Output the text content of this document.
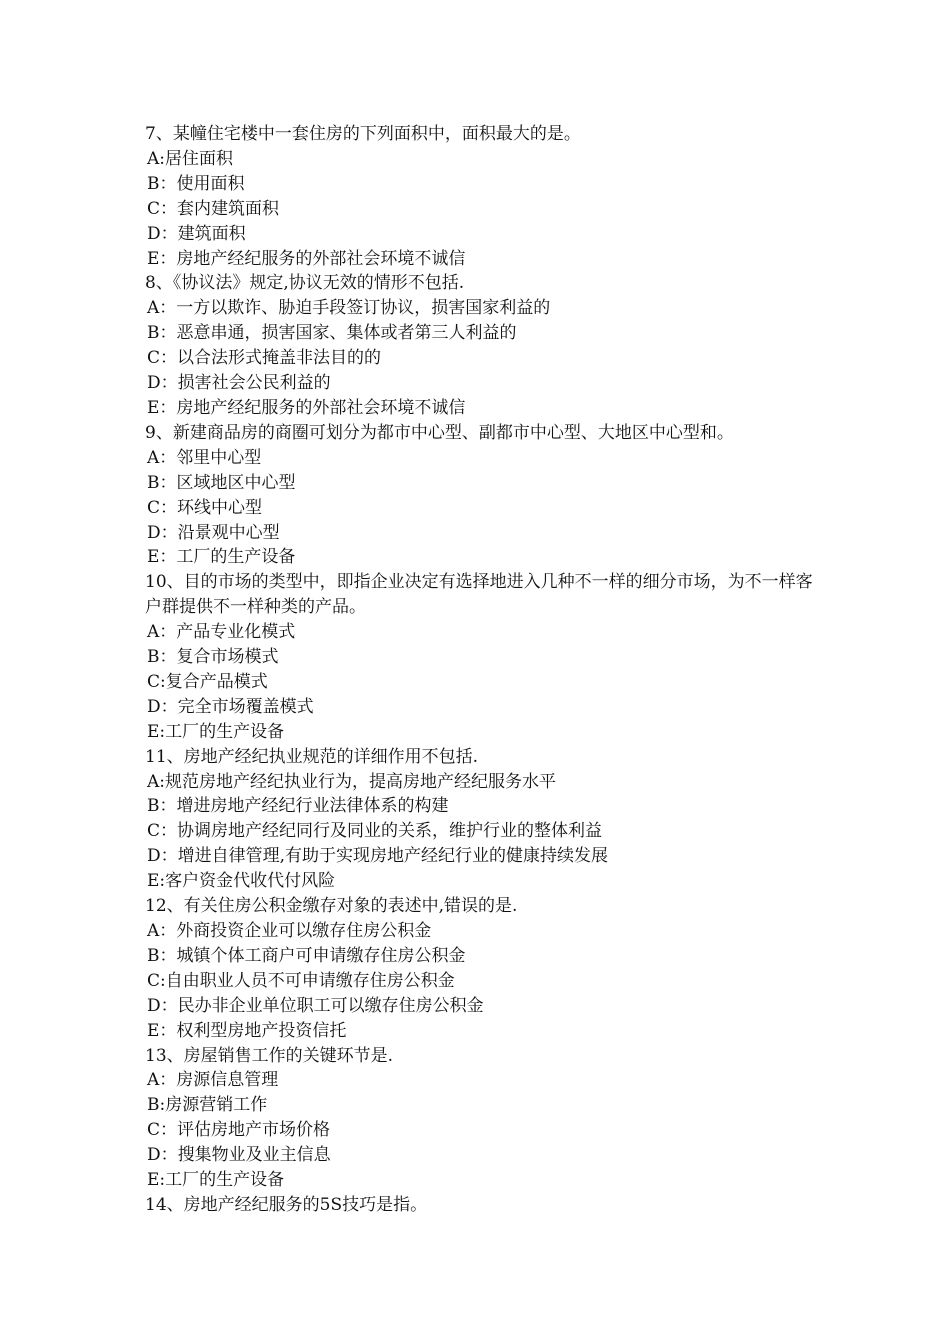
7、某幢住宅楼中一套住房的下列面积中，面积最大的是。

A:居住面积

B：使用面积

C：套内建筑面积

D：建筑面积

E：房地产经纪服务的外部社会环境不诚信

8、《协议法》规定,协议无效的情形不包括.

A：一方以欺诈、胁迫手段签订协议，损害国家利益的

B：恶意串通，损害国家、集体或者第三人利益的

C：以合法形式掩盖非法目的的

D：损害社会公民利益的

E：房地产经纪服务的外部社会环境不诚信

9、新建商品房的商圈可划分为都市中心型、副都市中心型、大地区中心型和。

A：邻里中心型

B：区域地区中心型

C：环线中心型

D：沿景观中心型

E：工厂的生产设备

10、目的市场的类型中，即指企业决定有选择地进入几种不一样的细分市场，为不一样客户群提供不一样种类的产品。

A：产品专业化模式

B：复合市场模式

C:复合产品模式

D：完全市场覆盖模式

E:工厂的生产设备

11、房地产经纪执业规范的详细作用不包括.

A:规范房地产经纪执业行为，提高房地产经纪服务水平

B：增进房地产经纪行业法律体系的构建

C：协调房地产经纪同行及同业的关系，维护行业的整体利益

D：增进自律管理,有助于实现房地产经纪行业的健康持续发展

E:客户资金代收代付风险

12、有关住房公积金缴存对象的表述中,错误的是.

A：外商投资企业可以缴存住房公积金

B：城镇个体工商户可申请缴存住房公积金

C:自由职业人员不可申请缴存住房公积金

D：民办非企业单位职工可以缴存住房公积金

E：权利型房地产投资信托

13、房屋销售工作的关键环节是.

A：房源信息管理

B:房源营销工作

C：评估房地产市场价格

D：搜集物业及业主信息

E:工厂的生产设备

14、房地产经纪服务的5S技巧是指。
